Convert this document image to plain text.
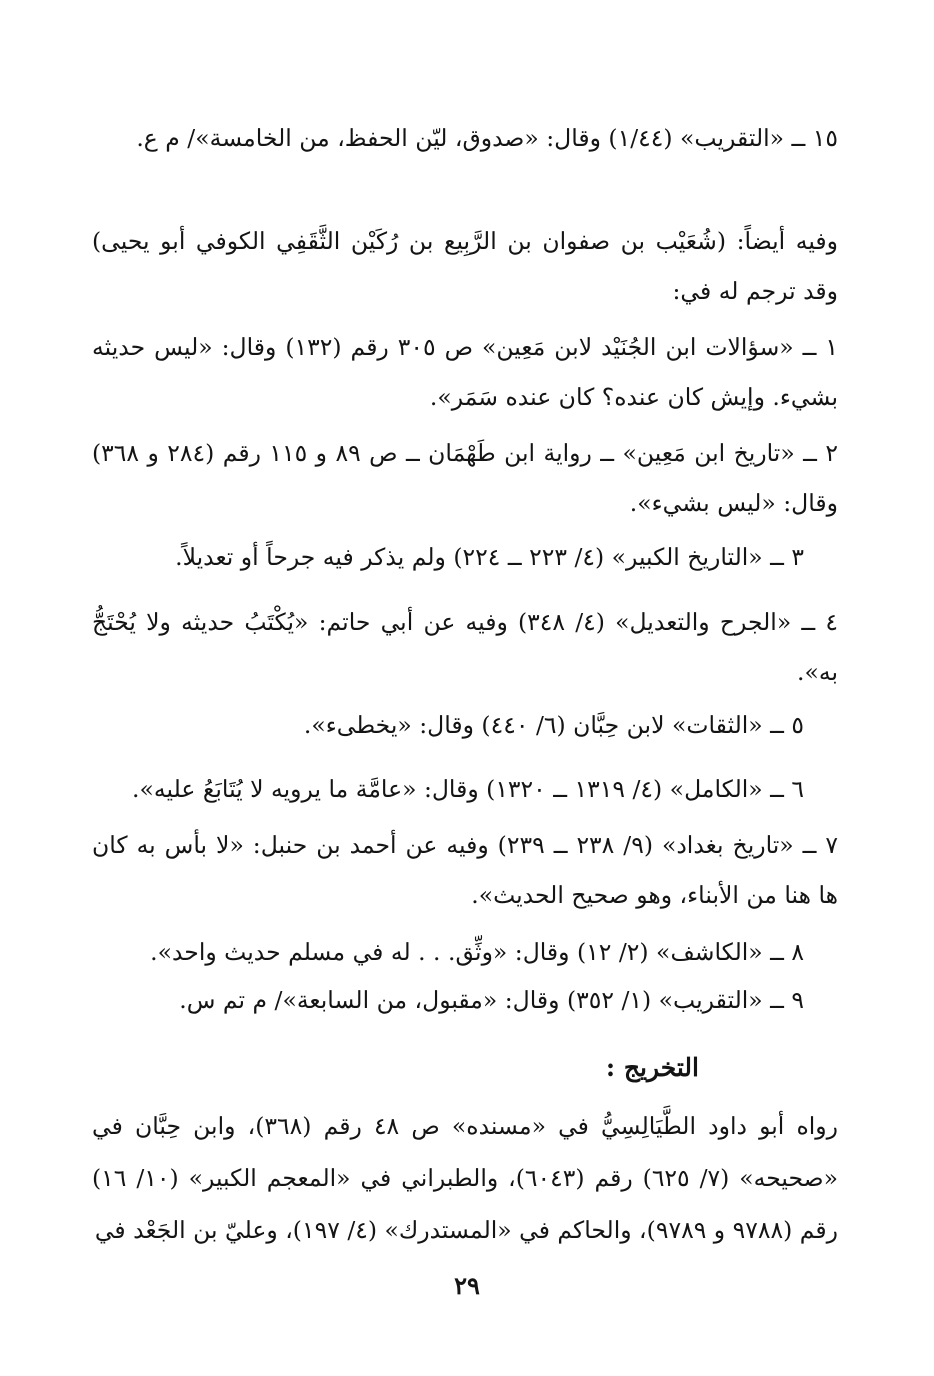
١٥ ــ «التقريب» (١/٤٤) وقال: «صدوق، ليّن الحفظ، من الخامسة»/ م ع.

وفيه أيضاً: (شُعَيْب بن صفوان بن الرَّبِيع بن رُكَيْن الثَّقَفِي الكوفي أبو يحيى) وقد ترجم له في:

١ ــ «سؤالات ابن الجُنَيْد لابن مَعِين» ص ٣٠٥ رقم (١٣٢) وقال: «ليس حديثه بشيء. وإيش كان عنده؟ كان عنده سَمَر».

٢ ــ «تاريخ ابن مَعِين» ــ رواية ابن طَهْمَان ــ ص ٨٩ و ١١٥ رقم (٢٨٤ و ٣٦٨) وقال: «ليس بشيء».

٣ ــ «التاريخ الكبير» (٤/ ٢٢٣ ــ ٢٢٤) ولم يذكر فيه جرحاً أو تعديلاً.

٤ ــ «الجرح والتعديل» (٤/ ٣٤٨) وفيه عن أبي حاتم: «يُكْتَبُ حديثه ولا يُحْتَجُّ به».

٥ ــ «الثقات» لابن حِبَّان (٦/ ٤٤٠) وقال: «يخطىء».

٦ ــ «الكامل» (٤/ ١٣١٩ ــ ١٣٢٠) وقال: «عامَّة ما يرويه لا يُتَابَعُ عليه».

٧ ــ «تاريخ بغداد» (٩/ ٢٣٨ ــ ٢٣٩) وفيه عن أحمد بن حنبل: «لا بأس به كان ها هنا من الأبناء، وهو صحيح الحديث».

٨ ــ «الكاشف» (٢/ ١٢) وقال: «وثِّق. . . له في مسلم حديث واحد».

٩ ــ «التقريب» (١/ ٣٥٢) وقال: «مقبول، من السابعة»/ م تم س.

التخريج :

رواه أبو داود الطَّيَالِسِيُّ في «مسنده» ص ٤٨ رقم (٣٦٨)، وابن حِبَّان في «صحيحه» (٧/ ٦٢٥) رقم (٦٠٤٣)، والطبراني في «المعجم الكبير» (١٠/ ١٦) رقم (٩٧٨٨ و ٩٧٨٩)، والحاكم في «المستدرك» (٤/ ١٩٧)، وعليّ بن الجَعْد في

٢٩
